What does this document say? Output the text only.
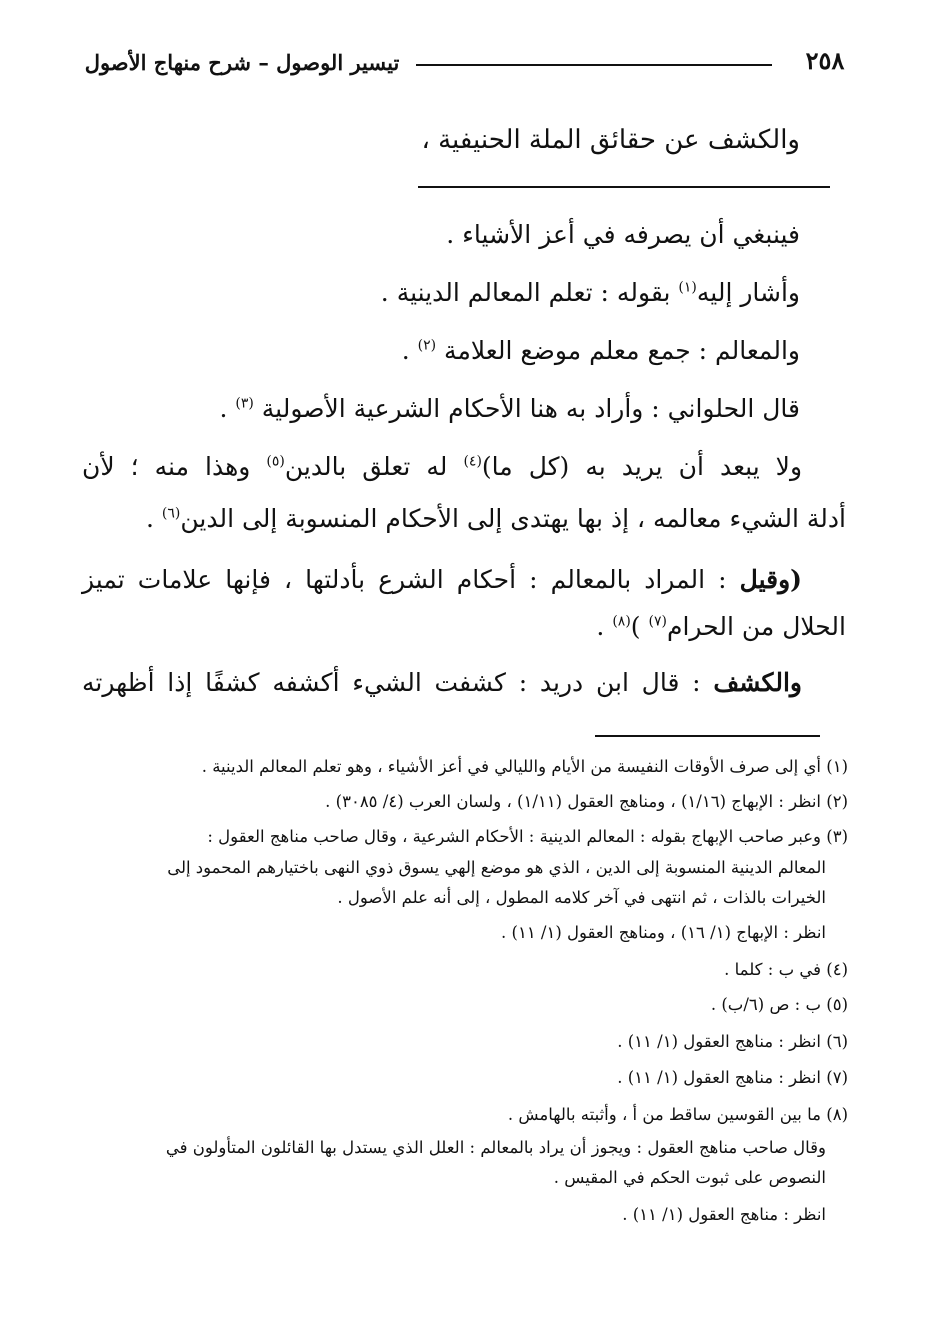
٢٥٨
تيسير الوصول – شرح منهاج الأصول
والكشف عن حقائق الملة الحنيفية ،
فينبغي أن يصرفه في أعز الأشياء .
وأشار إليه$^{(١)}$ بقوله : تعلم المعالم الدينية .
والمعالم : جمع معلم موضع العلامة $^{(٢)}$ .
قال الحلواني : وأراد به هنا الأحكام الشرعية الأصولية $^{(٣)}$ .
ولا يبعد أن يريد به (كل ما)$^{(٤)}$ له تعلق بالدين$^{(٥)}$ وهذا منه ؛ لأن
أدلة الشيء معالمه ، إذ بها يهتدى إلى الأحكام المنسوبة إلى الدين$^{(٦)}$ .
(وقيل : المراد بالمعالم : أحكام الشرع بأدلتها ، فإنها علامات تميز
الحلال من الحرام$^{(٧)}$ )$^{(٨)}$ .
والكشف : قال ابن دريد : كشفت الشيء أكشفه كشفًا إذا أظهرته
(١) أي إلى صرف الأوقات النفيسة من الأيام والليالي في أعز الأشياء ، وهو تعلم المعالم الدينية .
(٢) انظر : الإبهاج (١/١٦) ، ومناهج العقول (١/١١) ، ولسان العرب (٤/ ٣٠٨٥) .
(٣) وعبر صاحب الإبهاج بقوله : المعالم الدينية : الأحكام الشرعية ، وقال صاحب مناهج العقول :
المعالم الدينية المنسوبة إلى الدين ، الذي هو موضع إلهي يسوق ذوي النهى باختيارهم المحمود إلى
الخيرات بالذات ، ثم انتهى في آخر كلامه المطول ، إلى أنه علم الأصول .
انظر : الإبهاج (١/ ١٦) ، ومناهج العقول (١/ ١١) .
(٤) في ب : كلما .
(٥) ب : ص (٦/ب) .
(٦) انظر : مناهج العقول (١/ ١١) .
(٧) انظر : مناهج العقول (١/ ١١) .
(٨) ما بين القوسين ساقط من أ ، وأثبته بالهامش .
وقال صاحب مناهج العقول : ويجوز أن يراد بالمعالم : العلل الذي يستدل بها القائلون المتأولون في
النصوص على ثبوت الحكم في المقيس .
انظر : مناهج العقول (١/ ١١) .
